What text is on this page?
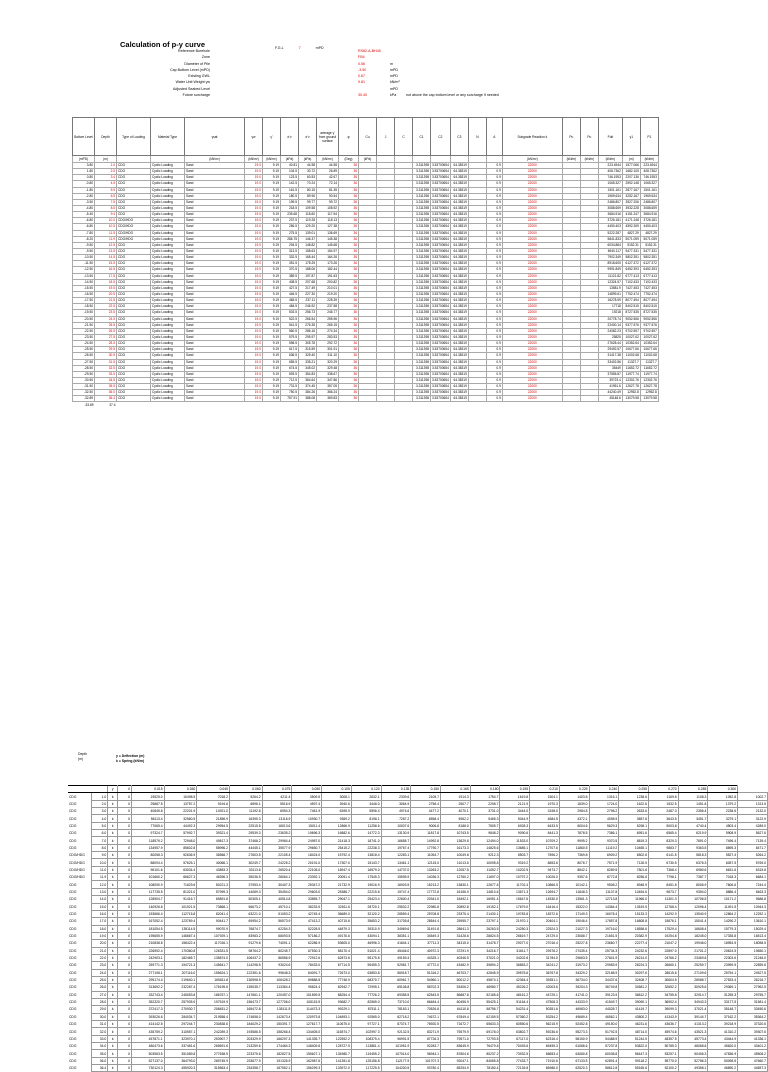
Calculation of p-y curve
Reference Borehole	RS82-A-BH45
Zone	FB4
Diameter of Pile	0.56	m
Cap Bottom Level (mPD)	-3.50	mPD
Existing GWL	0.67	mPD
Water Unit Weight γw	9.81	kN/m³
Adjusted Seabed Level	mPD
Future surcharge	30.40	kPa	not above the cap bottom level or any surcharge if needed
F.G.L	7	mPD
Bottom Level	Depth	Type of Loading	Material Type	γsat	γw	γ'	σ'v	σ'v	average γ' from ground surface	φ	Cu	J	C	C1	C2	C3	N	A	Subgrade Reaction k	Pu	Pu	Pult	y1	P1
(mPD)	(m)			(kN/m³)	(kN/m³)	(kN/m³)	(kPa)	(kPa)	(kN/m³)	(Deg)	(kPa)								(kN/m³)	(kN/m)	(kN/m)	(kN/m)	(m)	(kN/m)
3.80	1.0	CDG	Cyclic Loading	Sand	19.0	9.19	40.81	44.58	44.58	36				3.311398	3.53700654	64.38319		0.9	22000			223.4944	1577.066	223.4944
1.80	2.5	CDG	Cyclic Loading	Sand	19.0	9.19	104.5	30.72	26.89	36				3.311398	3.53700654	64.38319		0.9	22000			408.7362	1682.105	408.7362
0.80	3.4	CDG	Cyclic Loading	Sand	19.0	9.19	123.5	60.53	42.67	36				3.311398	3.53700654	64.38319		0.9	22000			746.1953	2207.136	746.1953
-0.80	4.5	CDG	Cyclic Loading	Sand	19.0	9.19	142.5	70.24	72.14	36				3.311398	3.53700654	64.38319		0.9	22000			1065.327	2592.148	1065.327
-1.80	5.5	CDG	Cyclic Loading	Sand	19.0	9.19	161.5	80.15	81.35	36				3.311398	3.53700654	64.38319		0.9	22000			1501.161	2877.167	1501.161
-2.80	6.5	CDG	Cyclic Loading	Sand	19.0	9.19	180.5	89.96	90.54	36				3.311398	3.53700654	64.38319		0.9	22000			1969.634	3252.167	1969.634
-3.50	7.5	CDG	Cyclic Loading	Sand	19.0	9.19	199.5	99.77	99.72	36				3.311398	3.53700654	64.38319		0.9	22000			2486.807	3527.206	2486.807
-4.80	8.5	CDG	Cyclic Loading	Sand	19.0	9.19	218.5	109.58	108.92	36				3.311398	3.53700654	64.38319		0.9	22000			3088.659	3932.228	3088.659
-5.40	9.4	CDG	Cyclic Loading	Sand	19.0	9.19	235.68	118.60	117.54	36				3.311398	3.53700654	64.38319		0.9	22000			3684.916	4151.247	3684.916
-6.80	10.0	CDG/HDG	Cyclic Loading	Sand	19.0	9.19	237.5	119.28	118.13	36				3.311398	3.53700654	64.38319		0.9	22000			3726.181	4171.248	3726.181
-6.80	10.5	CDG/HDG	Cyclic Loading	Sand	19.0	9.19	256.5	129.20	127.38	36				3.311398	3.53700654	64.38319		0.9	22000			4450.403	4592.269	4450.403
-7.80	11.5	CDG/HDG	Cyclic Loading	Sand	19.0	9.19	275.5	139.01	136.69	36				3.311398	3.53700654	64.38319		0.9	22000			5222.287	4827.29	4827.29
-8.20	11.9	CDG/HDG	Cyclic Loading	Sand	19.0	9.19	286.75	146.37	145.38	36				3.311398	3.53700654	64.38319		0.9	22000			5841.833	5071.059	5071.059
-9.50	12.5	CDG	Cyclic Loading	Sand	19.0	9.19	294.5	148.82	145.68	36				3.311398	3.53700654	64.38319		0.9	22000			6034.884	5152.31	5152.31
-9.50	13.5	CDG	Cyclic Loading	Sand	19.0	9.19	313.5	158.63	154.97	36				3.311398	3.53700654	64.38319		0.9	22000			6940.117	5477.331	5477.331
-10.50	14.5	CDG	Cyclic Loading	Sand	19.0	9.19	332.5	168.44	164.26	36				3.311398	3.53700654	64.38319		0.9	22000			7902.349	5802.351	5802.351
-11.50	15.5	CDG	Cyclic Loading	Sand	19.0	9.19	351.5	178.25	173.26	36				3.311398	3.53700654	64.38319		0.9	22000			8918.605	6127.372	6127.372
-12.50	16.5	CDG	Cyclic Loading	Sand	19.0	9.19	370.5	188.06	182.44	36				3.311398	3.53700654	64.38319		0.9	22000			9991.849	6452.393	6452.393
-13.50	17.5	CDG	Cyclic Loading	Sand	19.0	9.19	389.5	197.87	191.63	36				3.311398	3.53700654	64.38319		0.9	22000			11121.82	6777.413	6777.413
-14.50	18.5	CDG	Cyclic Loading	Sand	19.0	9.19	408.5	207.68	200.82	36				3.311398	3.53700654	64.38319		0.9	22000			12324.57	7102.433	7102.433
-15.50	19.5	CDG	Cyclic Loading	Sand	19.0	9.19	427.5	217.49	210.01	36				3.311398	3.53700654	64.38319		0.9	22000			13581.9	7427.453	7427.453
-16.50	20.5	CDG	Cyclic Loading	Sand	19.0	9.19	446.5	227.30	219.20	36				3.311398	3.53700654	64.38319		0.9	22000			14899.61	7752.474	7752.474
-17.50	21.5	CDG	Cyclic Loading	Sand	19.0	9.19	465.5	237.11	228.39	36				3.311398	3.53700654	64.38319		0.9	22000			16278.59	8077.494	8077.494
-18.50	22.5	CDG	Cyclic Loading	Sand	19.0	9.19	484.5	246.92	237.58	36				3.311398	3.53700654	64.38319		0.9	22000			17718	8402.515	8402.515
-19.50	23.5	CDG	Cyclic Loading	Sand	19.0	9.19	503.5	256.73	246.77	36				3.311398	3.53700654	64.38319		0.9	22000			19218	8727.535	8727.535
-20.50	24.5	CDG	Cyclic Loading	Sand	19.0	9.19	522.5	266.54	255.96	36				3.311398	3.53700654	64.38319		0.9	22000			20778.74	9052.556	9052.556
-21.50	25.5	CDG	Cyclic Loading	Sand	19.0	9.19	541.5	276.35	265.15	36				3.311398	3.53700654	64.38319		0.9	22000			22400.14	9377.576	9377.576
-22.50	26.5	CDG	Cyclic Loading	Sand	19.0	9.19	560.5	286.16	274.34	36				3.311398	3.53700654	64.38319		0.9	22000			24082.23	9702.597	9702.597
-23.50	27.5	CDG	Cyclic Loading	Sand	19.0	9.19	579.5	295.97	283.53	36				3.311398	3.53700654	64.38319		0.9	22000			25825	10027.62	10027.62
-24.50	28.5	CDG	Cyclic Loading	Sand	19.0	9.19	598.5	305.78	292.72	36				3.311398	3.53700654	64.38319		0.9	22000			27628.44	10352.64	10352.64
-25.50	29.5	CDG	Cyclic Loading	Sand	19.0	9.19	617.5	315.59	301.91	36				3.311398	3.53700654	64.38319		0.9	22000			29492.57	10677.66	10677.66
-26.50	30.5	CDG	Cyclic Loading	Sand	19.0	9.19	636.5	325.40	311.10	36				3.311398	3.53700654	64.38319		0.9	22000			31417.38	11002.68	11002.68
-27.50	31.5	CDG	Cyclic Loading	Sand	19.0	9.19	655.5	335.21	320.29	36				3.311398	3.53700654	64.38319		0.9	22000			33402.86	11327.7	11327.7
-28.50	32.5	CDG	Cyclic Loading	Sand	19.0	9.19	674.5	345.02	329.48	36				3.311398	3.53700654	64.38319		0.9	22000			35449	11652.72	11652.72
-29.50	33.5	CDG	Cyclic Loading	Sand	19.0	9.19	693.5	354.83	338.67	36				3.311398	3.53700654	64.38319		0.9	22000			37555.87	11977.74	11977.74
-30.50	34.5	CDG	Cyclic Loading	Sand	19.0	9.19	712.5	364.64	347.86	36				3.311398	3.53700654	64.38319		0.9	22000			39723.4	12302.76	12302.76
-31.50	35.5	CDG	Cyclic Loading	Sand	19.0	9.19	731.5	374.45	357.05	36				3.311398	3.53700654	64.38319		0.9	22000			41951.6	12627.78	12627.78
-32.50	36.0	CDG	Cyclic Loading	Sand	19.0	9.19	750.5	384.26	366.24	36				3.311398	3.53700654	64.38319		0.9	22000			44240.49	12952.8	12952.8
-32.89	36.4	CDG	Cyclic Loading	Sand	19.0	9.19	757.91	388.08	369.83	36				3.311398	3.53700654	64.38319		0.9	22000			45148.6	13079.58	13079.58
-33.89	37.4																							
Depth
(m)
y = Deflection (m)
k = Spring (kN/m)
		y	0	0.015	0.030	0.045	0.060	0.075	0.090	0.105	0.120	0.135	0.150	0.165	0.180	0.195	0.210	0.225	0.240	0.255	0.270	0.285	0.300	
CDG	1.0	k	0	19525.0	10498.5	7018.2	5264.2	4211.4	3509.5	3008.1	2632.1	2339.6	2105.7	1914.3	1754.7	1619.8	1504.1	1403.8	1316.1	1238.6	1169.8	1108.3	1052.8	1002.7
CDG	2.0	k	0	25887.5	13757.2	9194.6	6896.1	5516.9	4597.4	3940.6	3448.0	3064.9	2758.4	2507.7	2298.7	2121.9	1970.3	1839.0	1724.0	1622.6	1532.5	1451.8	1379.2	1313.5
CDG	3.0	k	0	40845.8	22201.9	14921.0	11192.8	8954.3	7461.9	6395.9	5596.4	4974.6	4477.2	4070.1	3731.0	3444.0	3198.0	2984.8	2798.2	2633.6	2487.3	2356.4	2238.6	2132.0
CDG	4.0	k	0	58113.4	32560.5	21856.9	16395.3	13116.9	10930.7	9369.2	8198.1	7287.2	6558.4	5962.2	5465.3	5044.9	4684.5	4372.1	4098.9	3857.8	3643.5	3451.7	3279.1	3122.9
CDG	5.0	k	0	77065.4	44492.3	29954.5	22515.5	18013.6	15011.4	12866.9	11258.6	10007.6	9006.8	8188.0	7505.7	6928.3	6433.5	6004.6	5629.3	5298.1	5003.8	4740.4	4503.4	4289.0
CDG	6.0	k	0	97324.7	57992.7	39321.4	29539.3	23635.2	19696.3	16882.6	14772.3	13130.9	11817.8	10743.5	9848.2	9090.6	8441.3	7878.5	7386.1	6951.6	6565.4	6219.9	5908.9	5627.6
CDG	7.0	k	0	118579.2	72948.0	49817.3	37468.2	29984.4	24987.0	21418.3	18741.0	16658.7	14992.8	13629.8	12494.0	11533.0	10709.2	9995.2	9370.5	8819.3	8329.3	7891.0	7496.4	7139.4
CDG	8.0	k	0	134957.9	85602.8	58996.2	44445.1	35577.9	29650.7	25415.2	22238.3	19767.4	17790.7	16173.3	14825.6	13685.1	12707.6	11860.5	11119.2	10465.1	9883.7	9363.5	8895.3	8471.7
CDG/HDG	9.0	k	0	80058.3	52636.9	36568.7	27603.5	22105.4	18424.0	15792.4	13818.4	12283.1	11054.7	10049.8	9212.3	8503.7	7896.2	7369.8	6909.2	6502.8	6141.5	5818.3	5527.4	5264.2
CDG/HDG	10.0	k	0	88094.4	57625.1	40066.1	30249.7	24225.2	20191.0	17307.0	15143.7	13461.1	12115.0	11013.6	10095.8	9319.2	8653.6	8076.7	7571.9	7126.5	6730.5	6376.3	6057.5	5769.0
CDG/HDG	11.0	k	0	96101.6	63034.4	43853.3	33113.6	26520.4	22105.0	18947.4	16579.0	14737.0	13263.2	12057.5	11052.7	10202.5	9473.7	8842.1	8289.5	7801.8	7368.4	6980.6	6631.6	6315.8
CDG/HDG	11.9	k	0	101660.2	66627.3	46396.3	35036.5	28064.1	23392.1	20051.4	17545.3	15595.9	14036.3	12760.2	11697.0	10797.2	10026.0	9357.6	8772.8	8256.8	7798.1	7387.7	7018.3	6684.1
CDG	12.0	k	0	108090.9	71829.6	50221.3	37953.4	30407.3	25347.2	21732.9	19016.9	16903.5	15213.2	13830.1	12677.6	11702.4	10866.5	10142.1	9508.2	8948.9	8451.8	8006.9	7606.6	7244.4
CDG	13.0	k	0	117735.5	81321.0	57999.3	44089.3	35454.0	29603.0	25386.7	22215.8	19747.4	17772.8	16156.9	14810.6	13671.3	12694.7	11848.3	11107.8	10454.6	9873.7	9354.0	8886.4	8463.3
CDG	14.0	k	0	128904.7	91416.7	65891.8	50305.1	40514.8	33855.7	29047.1	25423.4	22600.4	20341.0	18492.1	16951.4	15647.6	14530.0	13561.3	12713.8	11966.0	11301.3	10706.5	10171.2	9686.8
CDG	15.0	k	0	140926.8	101921.5	73868.1	56673.2	45710.1	38233.5	32811.6	28720.1	25532.2	22980.8	20892.8	19152.1	17679.0	16416.4	15322.0	14364.4	13519.5	12768.4	12096.4	11491.5	10944.3
CDG	16.0	k	0	153666.4	112715.8	82041.4	63221.0	51053.2	42745.4	36689.0	32120.2	28559.4	25708.8	23375.4	21430.1	19783.8	18372.6	17149.3	16078.4	15133.3	14292.9	13540.9	12864.2	12252.1
CDG	17.0	k	0	167052.4	123789.4	90441.7	69954.2	56573.9	47413.2	40715.6	35653.2	31705.8	28544.4	25955.7	23797.1	21970.1	20404.1	19046.4	17857.8	16808.8	15876.1	15041.4	14290.2	13610.1
CDG	18.0	k	0	181054.5	135114.5	99070.9	76874.7	62254.3	52228.5	44879.3	39310.9	34969.6	31491.8	28641.3	26263.5	24250.3	22524.3	21027.3	19716.0	18558.6	17529.4	16608.4	15779.3	15029.4
CDG	19.0	k	0	195655.9	146667.4	107929.1	83983.2	68093.5	57186.2	49176.6	43094.1	38351.1	34549.3	31428.6	28824.5	26619.7	24729.0	23088.7	21651.5	20382.9	19254.8	18245.0	17335.8	16513.4
CDG	20.0	k	0	210838.8	158422.4	117016.1	91279.6	74091.1	62286.9	53605.0	46996.3	41844.1	37711.3	34315.0	31478.7	29077.0	27016.4	25227.8	23660.7	22277.4	21047.2	19946.0	18954.5	18058.5
CDG	21.0	k	0	226592.4	170360.8	126331.5	98764.2	80245.7	67530.3	58170.4	51021.4	45446.0	40972.3	37291.9	34216.7	31611.7	29376.2	27435.4	25734.3	24232.6	22897.0	21701.2	20624.5	19650.1
CDG	22.0	k	0	242903.1	182465.7	135874.0	106437.2	86556.9	72912.6	62873.6	55175.8	49159.4	44325.1	40346.5	37021.0	34202.8	31784.0	29683.5	27841.9	26214.0	24766.2	23469.8	22303.6	21248.0
CDG	23.0	k	0	259771.3	194721.3	145641.7	114298.5	93024.6	78433.0	67714.5	59455.3	52981.7	47772.0	43482.9	39894.2	36853.2	34241.2	31973.2	29983.9	28224.3	26660.1	25259.7	23999.5	22859.6
CDG	24.0	k	0	277198.1	207116.0	155624.1	122351.6	99648.3	84091.7	72673.0	63853.8	56918.7	51316.2	46703.7	42845.9	39575.6	36767.8	34329.2	32188.9	30297.6	28615.6	27109.6	25754.1	24527.5
CDG	25.0	k	0	295174.4	219640.1	165811.8	130598.5	106428.2	89888.8	77748.9	68370.7	60961.7	54960.1	50012.2	45874.1	42364.4	39351.1	36734.0	34437.6	32408.7	30604.5	28988.7	27533.4	26216.7
CDG	26.0	k	0	313692.2	232287.4	176195.6	139035.7	113364.4	95824.4	82942.7	72995.1	65108.8	58702.3	53406.2	48980.7	45226.2	42003.6	39204.3	36749.8	34581.2	32652.2	30925.6	29369.1	27962.5
CDG	27.0	k	0	332743.4	245053.8	186767.1	147661.1	120457.0	101899.5	88254.4	77726.2	69358.5	62543.5	56887.8	52165.6	48161.2	44725.1	41741.0	39123.9	36812.2	34755.8	32914.7	31255.3	29755.7
CDG	28.0	k	0	352320.7	257935.9	197519.9	156473.7	127706.0	108115.5	93682.7	82565.0	73710.0	66484.4	60456.9	55425.1	51164.4	47508.3	44333.9	41549.7	39090.1	36902.4	34943.3	33177.5	31581.4
CDG	29.0	k	0	372417.3	270930.7	208451.2	165472.8	135111.5	114473.3	99229.1	87511.1	78163.1	70526.8	64110.8	58756.7	54231.4	50351.6	46983.0	44028.7	41419.7	39099.3	37021.4	35148.7	33450.6
CDG	30.0	k	0	393026.6	284034.7	219558.4	174658.0	142673.4	120973.8	104893.1	92565.0	82718.2	74672.1	67849.4	62159.5	57360.2	53254.2	49689.4	46562.1	43800.2	41343.9	39144.7	37162.2	35364.2
CDG	31.0	k	0	414142.5	297244.7	230838.6	184029.2	150391.7	127617.7	110675.0	97727.1	87374.7	78920.5	71672.7	65633.3	60550.6	56215.9	52452.8	49150.0	46231.6	43636.7	41313.2	39218.9	37320.6
CDG	32.0	k	0	435759.2	310557.1	242289.3	193586.5	158266.4	134405.0	116574.7	102997.3	92132.5	83271.9	75579.9	69178.0	63802.7	59236.6	55273.3	51792.5	48714.0	45974.6	43521.3	41310.2	39307.6
CDG	33.0	k	0	457871.1	323970.1	253907.7	203329.9	166297.3	141335.7	122592.2	108375.4	96991.5	87726.3	79571.0	72793.5	67117.0	62316.4	58150.9	54488.9	51244.5	48357.5	45773.4	43444.9	41336.1
CDG	34.0	k	0	480473.6	337481.6	265691.6	213259.6	174484.3	148409.8	128727.5	113861.4	101951.9	92283.7	83645.9	76479.8	70493.6	65455.3	61086.6	57237.8	53822.0	50785.3	48068.8	45620.0	43401.2
CDG	35.0	k	0	503563.5	351089.8	277638.5	223375.6	182827.5	155627.1	134980.7	119455.2	107014.0	96944.1	87804.6	80237.2	73932.5	68653.4	64080.8	60038.8	56447.3	53257.1	50406.3	47836.9	45508.2
CDG	36.0	k	0	527137.0	364793.0	289745.9	233677.9	191326.9	162987.6	141351.8	125156.8	112177.9	101707.3	92047.1	84065.8	77433.7	71910.6	67133.5	62891.4	59118.2	55770.0	52786.3	50098.5	47660.7
CDG	36.4	k	0	730124.3	455920.3	315563.4	234358.7	187552.1	156299.3	133972.0	117225.5	104200.5	93780.4	85254.9	78150.4	72139.8	66986.0	62520.3	58612.8	55165.8	52100.2	49358.1	46890.2	44657.3
